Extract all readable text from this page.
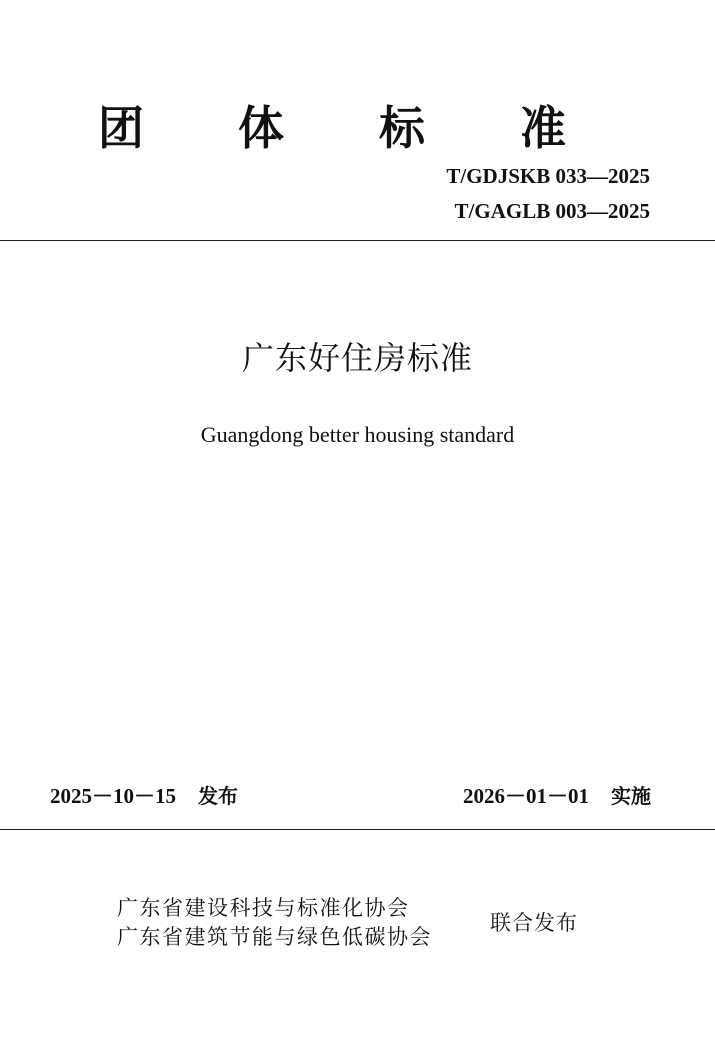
团 体 标 准
T/GDJSKB 033—2025
T/GAGLB 003—2025
广东好住房标准
Guangdong better housing standard
2025－10－15 发布	2026－01－01 实施
广东省建设科技与标准化协会
广东省建筑节能与绿色低碳协会
联合发布
